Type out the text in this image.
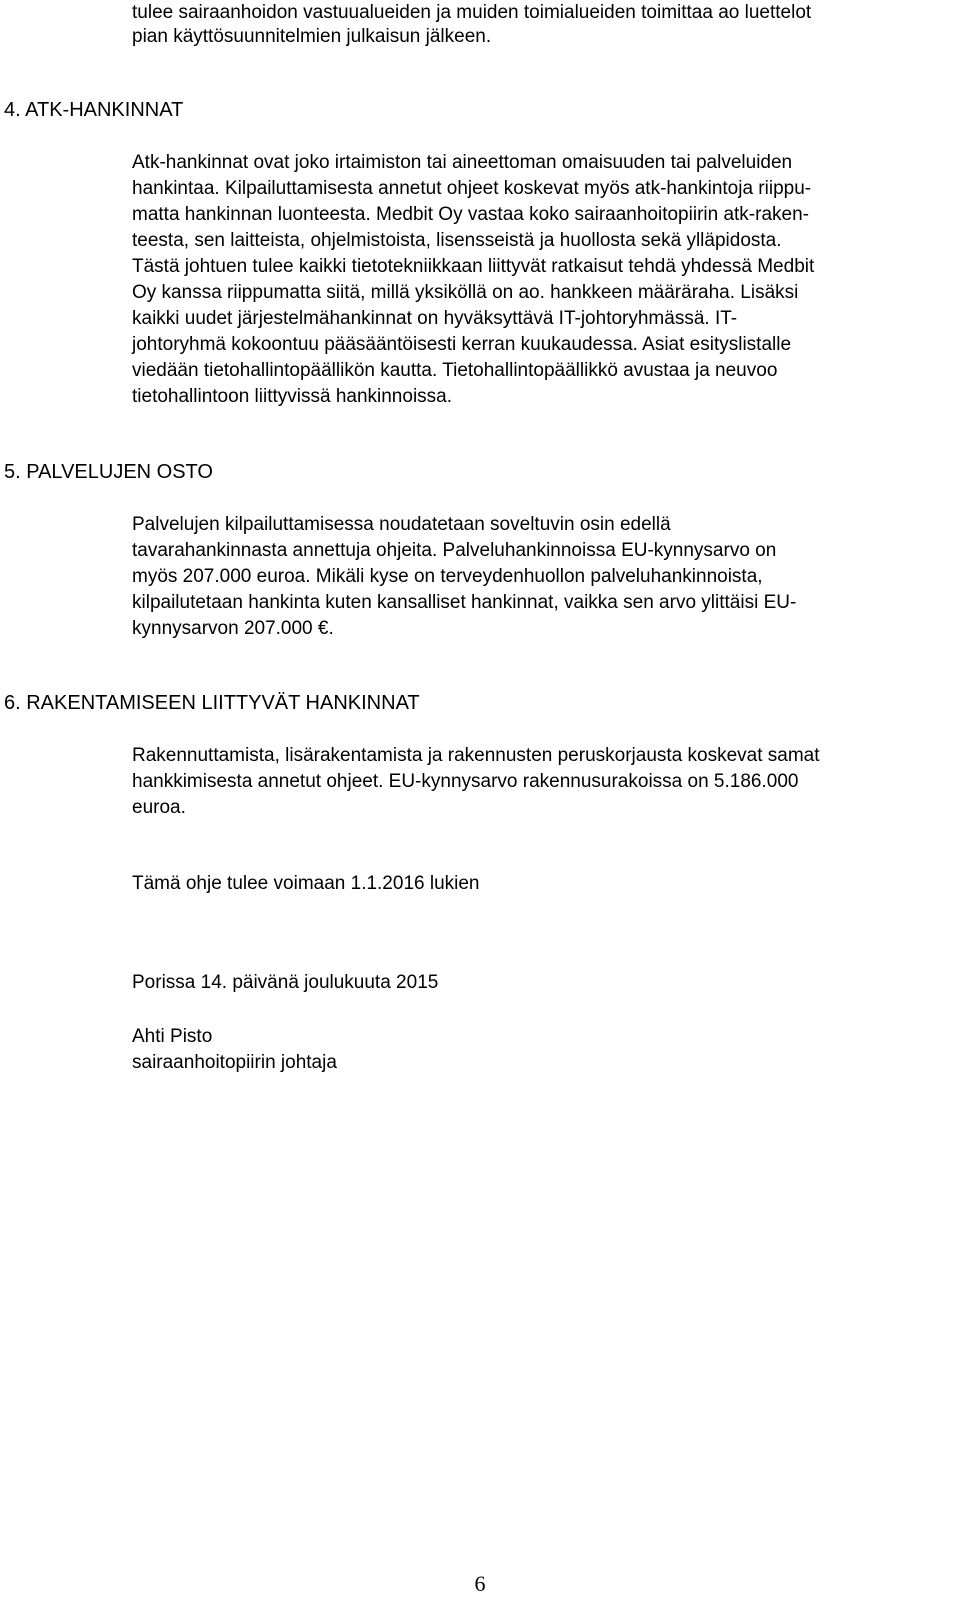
tulee sairaanhoidon vastuualueiden ja muiden toimialueiden toimittaa ao luettelot
pian käyttösuunnitelmien julkaisun jälkeen.
4. ATK-HANKINNAT
Atk-hankinnat ovat joko irtaimiston tai aineettoman omaisuuden tai palveluiden
hankintaa. Kilpailuttamisesta annetut ohjeet koskevat myös atk-hankintoja riippu-
matta hankinnan luonteesta. Medbit Oy vastaa koko sairaanhoitopiirin atk-raken-
teesta, sen laitteista, ohjelmistoista, lisensseistä ja huollosta sekä ylläpidosta.
Tästä johtuen tulee kaikki tietotekniikkaan liittyvät ratkaisut tehdä yhdessä Medbit
Oy kanssa riippumatta siitä, millä yksiköllä on ao. hankkeen määräraha. Lisäksi
kaikki uudet järjestelmähankinnat on hyväksyttävä IT-johtoryhmässä. IT-
johtoryhmä kokoontuu pääsääntöisesti kerran kuukaudessa. Asiat esityslistalle
viedään tietohallintopäällikön kautta. Tietohallintopäällikkö avustaa ja neuvoo
tietohallintoon liittyvissä hankinnoissa.
5. PALVELUJEN OSTO
Palvelujen kilpailuttamisessa noudatetaan soveltuvin osin edellä
tavarahankinnasta annettuja ohjeita. Palveluhankinnoissa EU-kynnysarvo on
myös 207.000 euroa. Mikäli kyse on terveydenhuollon palveluhankinnoista,
kilpailutetaan hankinta kuten kansalliset hankinnat, vaikka sen arvo ylittäisi EU-
kynnysarvon 207.000 €.
6. RAKENTAMISEEN LIITTYVÄT HANKINNAT
Rakennuttamista, lisärakentamista ja rakennusten peruskorjausta koskevat samat
hankkimisesta annetut ohjeet. EU-kynnysarvo rakennusurakoissa on 5.186.000
euroa.
Tämä ohje tulee voimaan 1.1.2016 lukien
Porissa 14. päivänä joulukuuta 2015
Ahti Pisto
sairaanhoitopiirin johtaja
6
